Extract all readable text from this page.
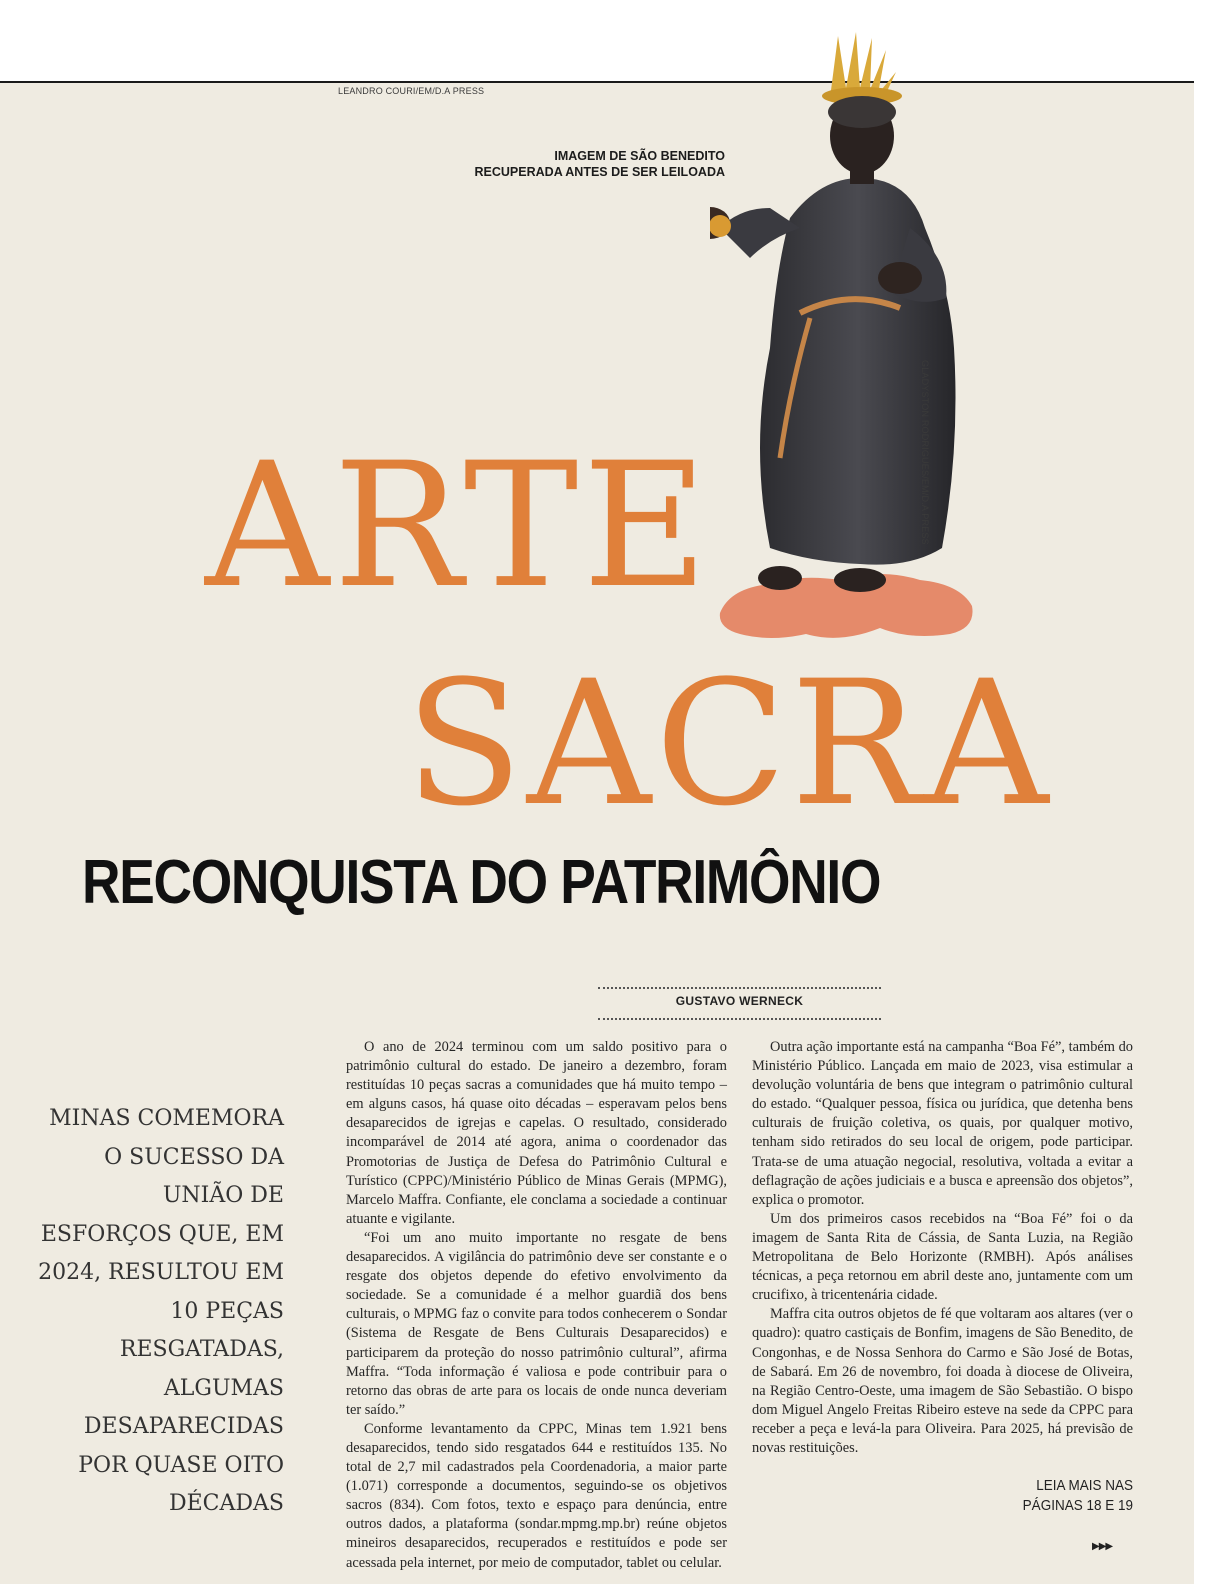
LEANDRO COURI/EM/D.A PRESS
IMAGEM DE SÃO BENEDITO
RECUPERADA ANTES DE SER LEILOADA
GLADYSTON RODRIGUES/EM/D.A PRESS
ARTE
SACRA
RECONQUISTA DO PATRIMÔNIO
GUSTAVO WERNECK
MINAS COMEMORA O SUCESSO DA UNIÃO DE ESFORÇOS QUE, EM 2024, RESULTOU EM 10 PEÇAS RESGATADAS, ALGUMAS DESAPARECIDAS POR QUASE OITO DÉCADAS

O ano de 2024 terminou com um saldo positivo para o patrimônio cultural do estado. De janeiro a dezembro, foram restituídas 10 peças sacras a comunidades que há muito tempo – em alguns casos, há quase oito décadas – esperavam pelos bens desaparecidos de igrejas e capelas. O resultado, considerado incomparável de 2014 até agora, anima o coordenador das Promotorias de Justiça de Defesa do Patrimônio Cultural e Turístico (CPPC)/Ministério Público de Minas Gerais (MPMG), Marcelo Maffra. Confiante, ele conclama a sociedade a continuar atuante e vigilante.

“Foi um ano muito importante no resgate de bens desaparecidos. A vigilância do patrimônio deve ser constante e o resgate dos objetos depende do efetivo envolvimento da sociedade. Se a comunidade é a melhor guardiã dos bens culturais, o MPMG faz o convite para todos conhecerem o Sondar (Sistema de Resgate de Bens Culturais Desaparecidos) e participarem da proteção do nosso patrimônio cultural”, afirma Maffra. “Toda informação é valiosa e pode contribuir para o retorno das obras de arte para os locais de onde nunca deveriam ter saído.”

Conforme levantamento da CPPC, Minas tem 1.921 bens desaparecidos, tendo sido resgatados 644 e restituídos 135. No total de 2,7 mil cadastrados pela Coordenadoria, a maior parte (1.071) corresponde a documentos, seguindo-se os objetivos sacros (834). Com fotos, texto e espaço para denúncia, entre outros dados, a plataforma (sondar.mpmg.mp.br) reúne objetos mineiros desaparecidos, recuperados e restituídos e pode ser acessada pela internet, por meio de computador, tablet ou celular.

Outra ação importante está na campanha “Boa Fé”, também do Ministério Público. Lançada em maio de 2023, visa estimular a devolução voluntária de bens que integram o patrimônio cultural do estado. “Qualquer pessoa, física ou jurídica, que detenha bens culturais de fruição coletiva, os quais, por qualquer motivo, tenham sido retirados do seu local de origem, pode participar. Trata-se de uma atuação negocial, resolutiva, voltada a evitar a deflagração de ações judiciais e a busca e apreensão dos objetos”, explica o promotor.

Um dos primeiros casos recebidos na “Boa Fé” foi o da imagem de Santa Rita de Cássia, de Santa Luzia, na Região Metropolitana de Belo Horizonte (RMBH). Após análises técnicas, a peça retornou em abril deste ano, juntamente com um crucifixo, à tricentenária cidade.

Maffra cita outros objetos de fé que voltaram aos altares (ver o quadro): quatro castiçais de Bonfim, imagens de São Benedito, de Congonhas, e de Nossa Senhora do Carmo e São José de Botas, de Sabará. Em 26 de novembro, foi doada à diocese de Oliveira, na Região Centro-Oeste, uma imagem de São Sebastião. O bispo dom Miguel Angelo Freitas Ribeiro esteve na sede da CPPC para receber a peça e levá-la para Oliveira. Para 2025, há previsão de novas restituições.

LEIA MAIS NAS
PÁGINAS 18 E 19
▶▶▶
